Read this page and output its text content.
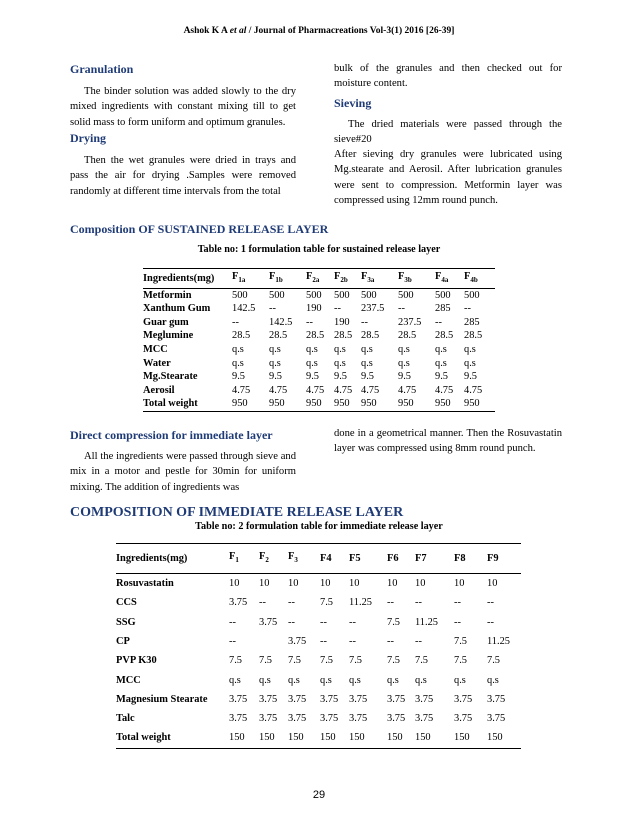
Ashok K A et al / Journal of Pharmacreations Vol-3(1) 2016 [26-39]
Granulation

The binder solution was added slowly to the dry mixed ingredients with constant mixing till to get solid mass to form uniform and optimum granules.

Drying

Then the wet granules were dried in trays and pass the air for drying .Samples were removed randomly at different time intervals from the total

bulk of the granules and then checked out for moisture content.

Sieving

The dried materials were passed through the sieve#20

After sieving dry granules were lubricated using Mg.stearate and Aerosil. After lubrication granules were sent to compression. Metformin layer was compressed using 12mm round punch.

Composition OF SUSTAINED RELEASE LAYER
Table no: 1 formulation table for sustained release layer
Ingredients(mg)	$F_{1a}$	$F_{1b}$	$F_{2a}$	$F_{2b}$	$F_{3a}$	$F_{3b}$	$F_{4a}$	$F_{4b}$
Metformin	500	500	500	500	500	500	500	500
Xanthum Gum	142.5	--	190	--	237.5	--	285	--
Guar gum	--	142.5	--	190	--	237.5	--	285
Meglumine	28.5	28.5	28.5	28.5	28.5	28.5	28.5	28.5
MCC	q.s	q.s	q.s	q.s	q.s	q.s	q.s	q.s
Water	q.s	q.s	q.s	q.s	q.s	q.s	q.s	q.s
Mg.Stearate	9.5	9.5	9.5	9.5	9.5	9.5	9.5	9.5
Aerosil	4.75	4.75	4.75	4.75	4.75	4.75	4.75	4.75
Total weight	950	950	950	950	950	950	950	950
Direct compression for immediate layer

All the ingredients were passed through sieve and mix in a motor and pestle for 30min for uniform mixing. The addition of ingredients was

done in a geometrical manner. Then the Rosuvastatin layer was compressed using 8mm round punch.

COMPOSITION OF IMMEDIATE RELEASE LAYER
Table no: 2 formulation table for immediate release layer
Ingredients(mg)	$F_1$	$F_2$	$F_3$	F4	F5	F6	F7	F8	F9
Rosuvastatin	10	10	10	10	10	10	10	10	10
CCS	3.75	--	--	7.5	11.25	--	--	--	--
SSG	--	3.75	--	--	--	7.5	11.25	--	--
CP	--		3.75	--	--	--	--	7.5	11.25
PVP K30	7.5	7.5	7.5	7.5	7.5	7.5	7.5	7.5	7.5
MCC	q.s	q.s	q.s	q.s	q.s	q.s	q.s	q.s	q.s
Magnesium Stearate	3.75	3.75	3.75	3.75	3.75	3.75	3.75	3.75	3.75
Talc	3.75	3.75	3.75	3.75	3.75	3.75	3.75	3.75	3.75
Total weight	150	150	150	150	150	150	150	150	150
29
